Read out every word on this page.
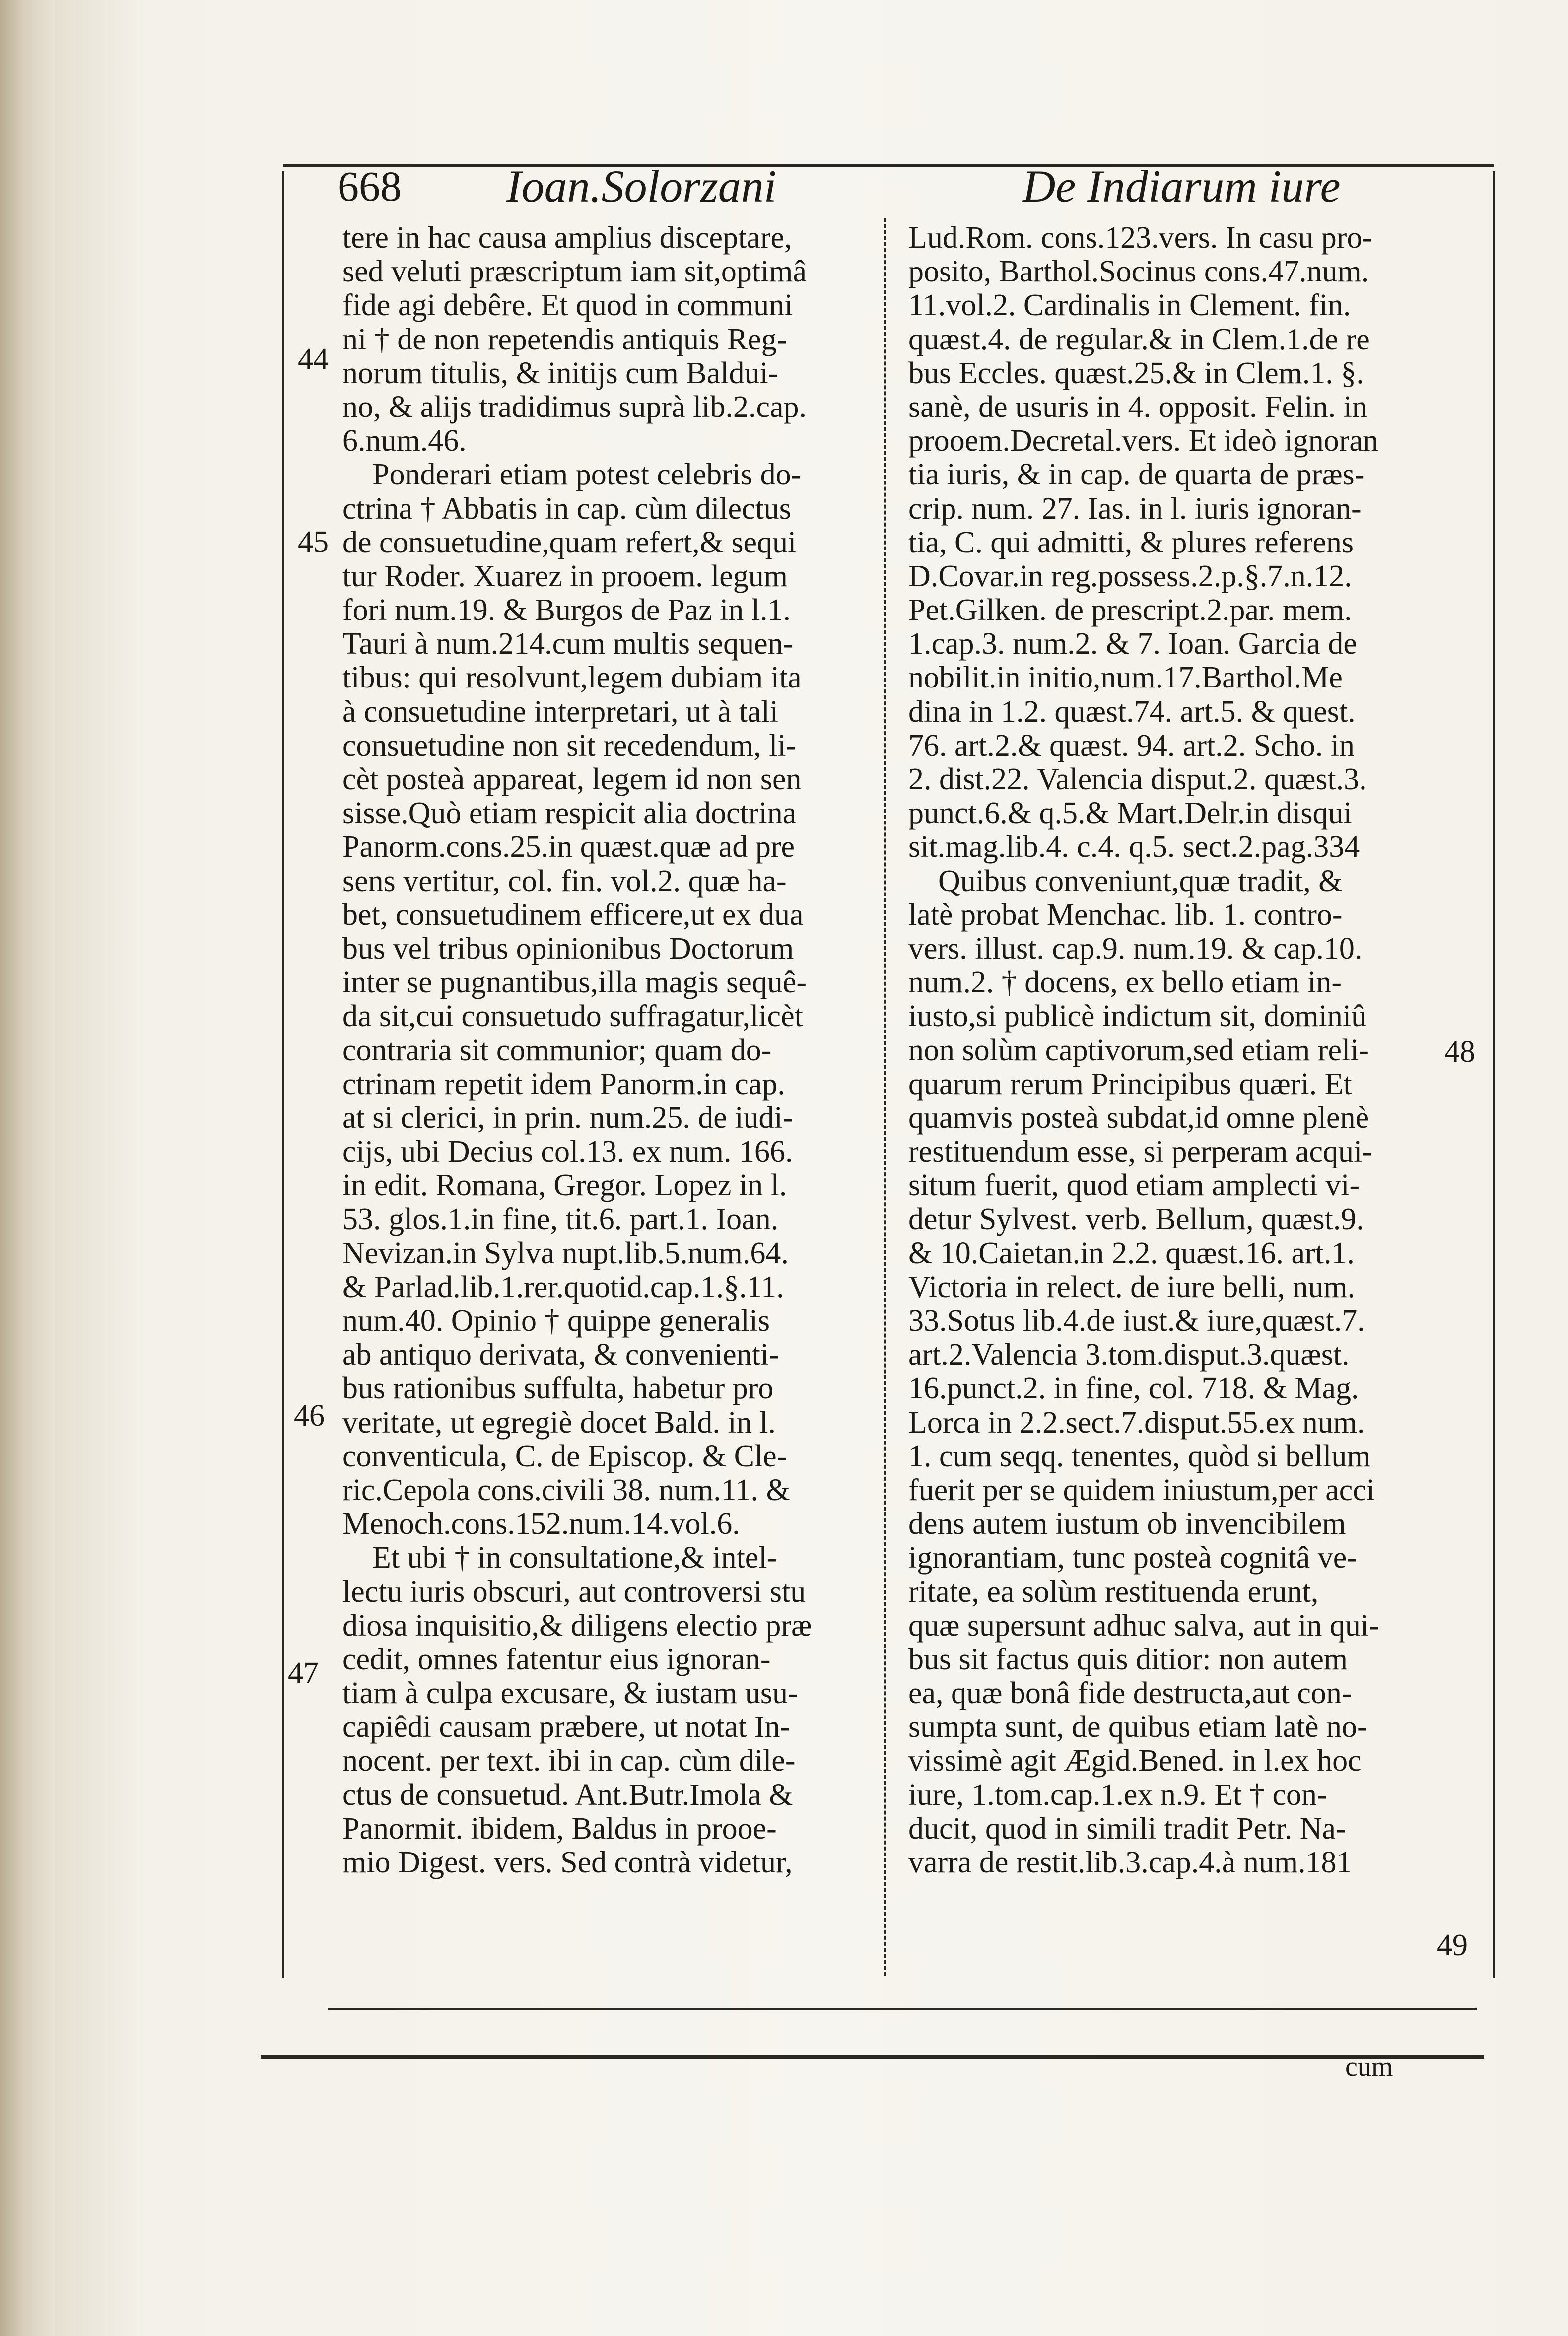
668 Ioan.Solorzani	De Indiarum iure
tere in hac causa amplius disceptare,
sed veluti præscriptum iam sit,optimâ
fide agi debêre. Et quod in communi
ni † de non repetendis antiquis Reg-
norum titulis, & initijs cum Baldui-
no, & alijs tradidimus suprà lib.2.cap.
6.num.46.
Ponderari etiam potest celebris do-
ctrina † Abbatis in cap. cùm dilectus
de consuetudine,quam refert,& sequi
tur Roder. Xuarez in prooem. legum
fori num.19. & Burgos de Paz in l.1.
Tauri à num.214.cum multis sequen-
tibus: qui resolvunt,legem dubiam ita
à consuetudine interpretari, ut à tali
consuetudine non sit recedendum, li-
cèt posteà appareat, legem id non sen
sisse.Quò etiam respicit alia doctrina
Panorm.cons.25.in quæst.quæ ad pre
sens vertitur, col. fin. vol.2. quæ ha-
bet, consuetudinem efficere,ut ex dua
bus vel tribus opinionibus Doctorum
inter se pugnantibus,illa magis sequê-
da sit,cui consuetudo suffragatur,licèt
contraria sit communior; quam do-
ctrinam repetit idem Panorm.in cap.
at si clerici, in prin. num.25. de iudi-
cijs, ubi Decius col.13. ex num. 166.
in edit. Romana, Gregor. Lopez in l.
53. glos.1.in fine, tit.6. part.1. Ioan.
Nevizan.in Sylva nupt.lib.5.num.64.
& Parlad.lib.1.rer.quotid.cap.1.§.11.
num.40. Opinio † quippe generalis
ab antiquo derivata, & convenienti-
bus rationibus suffulta, habetur pro
veritate, ut egregiè docet Bald. in l.
conventicula, C. de Episcop. & Cle-
ric.Cepola cons.civili 38. num.11. &
Menoch.cons.152.num.14.vol.6.
Et ubi † in consultatione,& intel-
lectu iuris obscuri, aut controversi stu
diosa inquisitio,& diligens electio præ
cedit, omnes fatentur eius ignoran-
tiam à culpa excusare, & iustam usu-
capiêdi causam præbere, ut notat In-
nocent. per text. ibi in cap. cùm dile-
ctus de consuetud. Ant.Butr.Imola &
Panormit. ibidem, Baldus in prooe-
mio Digest. vers. Sed contrà videtur,
Lud.Rom. cons.123.vers. In casu pro-
posito, Barthol.Socinus cons.47.num.
11.vol.2. Cardinalis in Clement. fin.
quæst.4. de regular.& in Clem.1.de re
bus Eccles. quæst.25.& in Clem.1. §.
sanè, de usuris in 4. opposit. Felin. in
prooem.Decretal.vers. Et ideò ignoran
tia iuris, & in cap. de quarta de præs-
crip. num. 27. Ias. in l. iuris ignoran-
tia, C. qui admitti, & plures referens
D.Covar.in reg.possess.2.p.§.7.n.12.
Pet.Gilken. de prescript.2.par. mem.
1.cap.3. num.2. & 7. Ioan. Garcia de
nobilit.in initio,num.17.Barthol.Me
dina in 1.2. quæst.74. art.5. & quest.
76. art.2.& quæst. 94. art.2. Scho. in
2. dist.22. Valencia disput.2. quæst.3.
punct.6.& q.5.& Mart.Delr.in disqui
sit.mag.lib.4. c.4. q.5. sect.2.pag.334
Quibus conveniunt,quæ tradit, &
latè probat Menchac. lib. 1. contro-
vers. illust. cap.9. num.19. & cap.10.
num.2. † docens, ex bello etiam in-
iusto,si publicè indictum sit, dominiû
non solùm captivorum,sed etiam reli-
quarum rerum Principibus quæri. Et
quamvis posteà subdat,id omne plenè
restituendum esse, si perperam acqui-
situm fuerit, quod etiam amplecti vi-
detur Sylvest. verb. Bellum, quæst.9.
& 10.Caietan.in 2.2. quæst.16. art.1.
Victoria in relect. de iure belli, num.
33.Sotus lib.4.de iust.& iure,quæst.7.
art.2.Valencia 3.tom.disput.3.quæst.
16.punct.2. in fine, col. 718. & Mag.
Lorca in 2.2.sect.7.disput.55.ex num.
1. cum seqq. tenentes, quòd si bellum
fuerit per se quidem iniustum,per acci
dens autem iustum ob invencibilem
ignorantiam, tunc posteà cognitâ ve-
ritate, ea solùm restituenda erunt,
quæ supersunt adhuc salva, aut in qui-
bus sit factus quis ditior: non autem
ea, quæ bonâ fide destructa,aut con-
sumpta sunt, de quibus etiam latè no-
vissimè agit Ægid.Bened. in l.ex hoc
iure, 1.tom.cap.1.ex n.9. Et † con-
ducit, quod in simili tradit Petr. Na-
varra de restit.lib.3.cap.4.à num.181
44
45
46
47
48
49
cum
